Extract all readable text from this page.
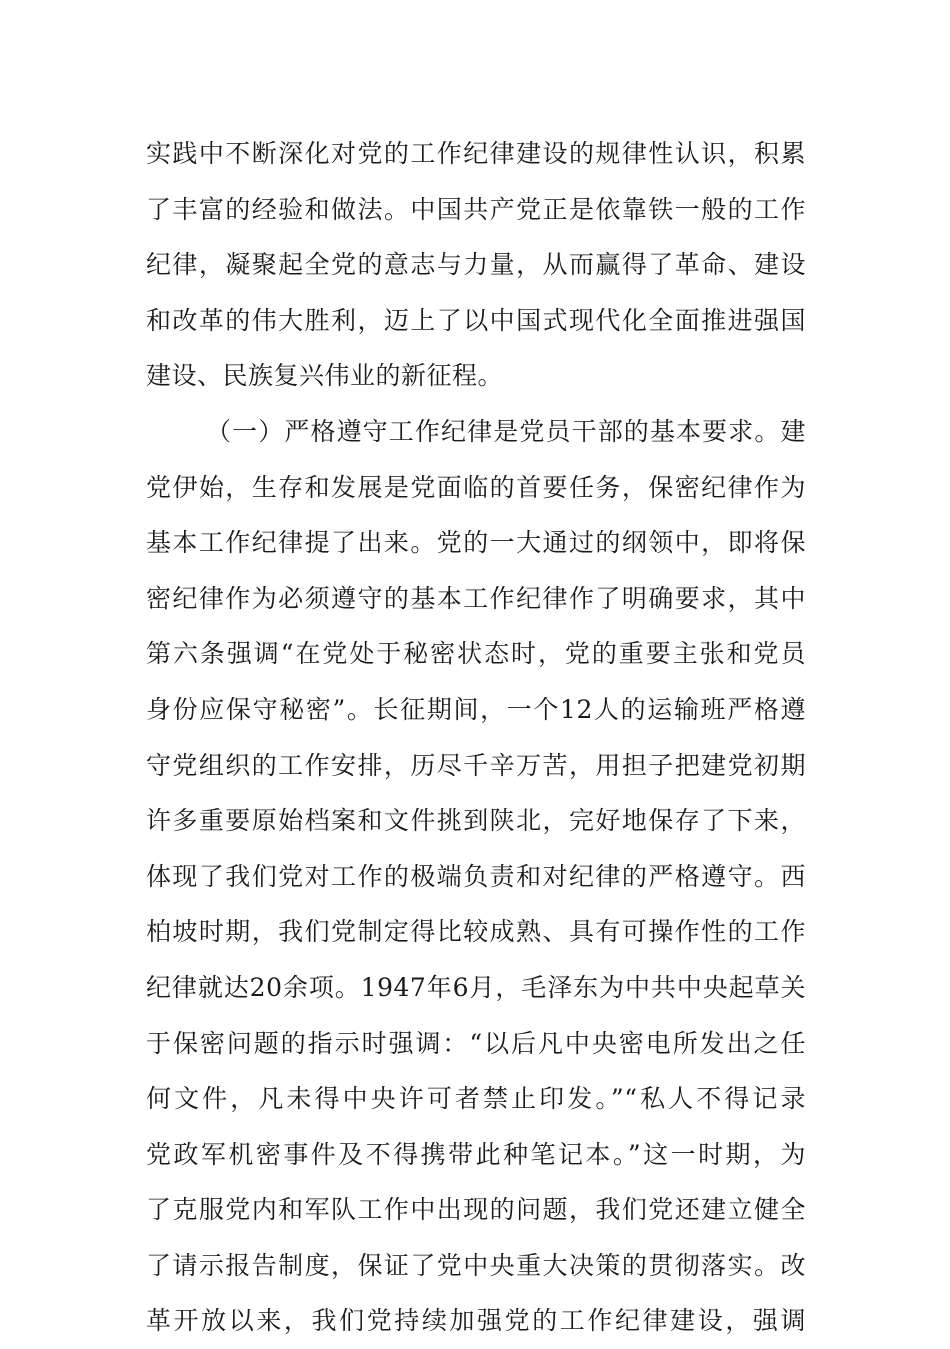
实践中不断深化对党的工作纪律建设的规律性认识，积累
了丰富的经验和做法。中国共产党正是依靠铁一般的工作
纪律，凝聚起全党的意志与力量，从而赢得了革命、建设
和改革的伟大胜利，迈上了以中国式现代化全面推进强国
建设、民族复兴伟业的新征程。
（一）严格遵守工作纪律是党员干部的基本要求。建
党伊始，生存和发展是党面临的首要任务，保密纪律作为
基本工作纪律提了出来。党的一大通过的纲领中，即将保
密纪律作为必须遵守的基本工作纪律作了明确要求，其中
第六条强调“在党处于秘密状态时，党的重要主张和党员
身份应保守秘密”。长征期间，一个12人的运输班严格遵
守党组织的工作安排，历尽千辛万苦，用担子把建党初期
许多重要原始档案和文件挑到陕北，完好地保存了下来，
体现了我们党对工作的极端负责和对纪律的严格遵守。西
柏坡时期，我们党制定得比较成熟、具有可操作性的工作
纪律就达20余项。1947年6月，毛泽东为中共中央起草关
于保密问题的指示时强调：“以后凡中央密电所发出之任
何文件，凡未得中央许可者禁止印发。”“私人不得记录
党政军机密事件及不得携带此种笔记本。”这一时期，为
了克服党内和军队工作中出现的问题，我们党还建立健全
了请示报告制度，保证了党中央重大决策的贯彻落实。改
革开放以来，我们党持续加强党的工作纪律建设，强调
